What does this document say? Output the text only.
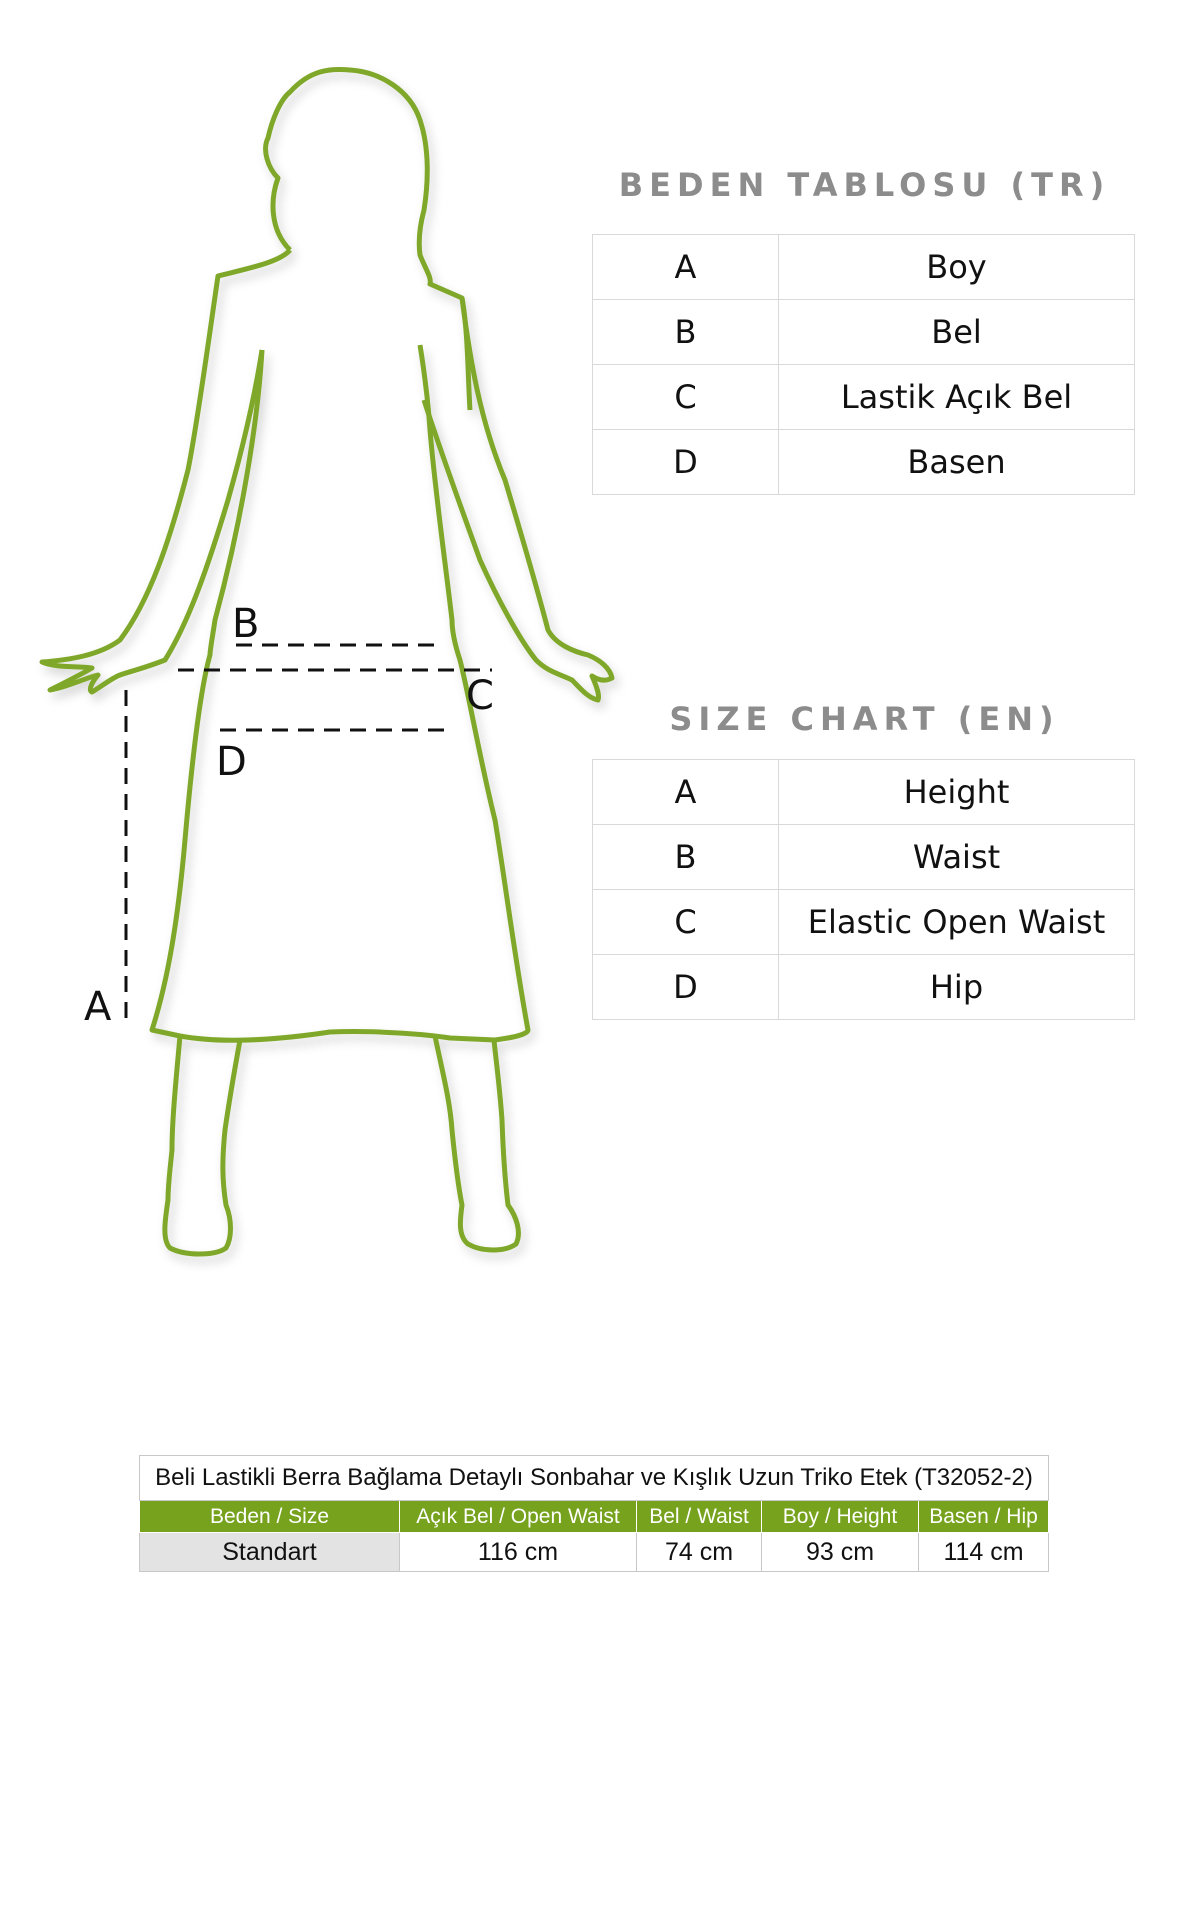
B
C
D
A
BEDEN TABLOSU (TR)
A	Boy
B	Bel
C	Lastik Açık Bel
D	Basen
SIZE CHART (EN)
A	Height
B	Waist
C	Elastic Open Waist
D	Hip
Beli Lastikli Berra Bağlama Detaylı Sonbahar ve Kışlık Uzun Triko Etek (T32052-2)				
Beden / Size	Açık Bel / Open Waist	Bel / Waist	Boy / Height	Basen / Hip
Standart	116 cm	74 cm	93 cm	114 cm
